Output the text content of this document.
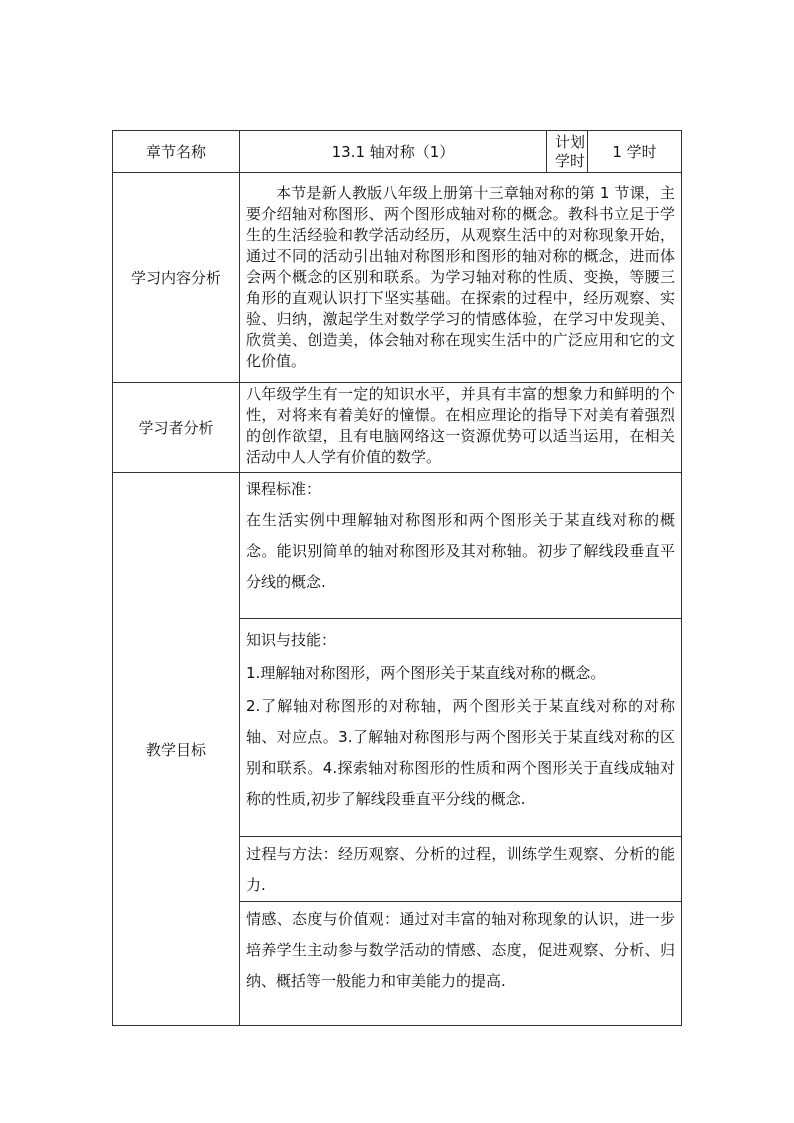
章节名称	13.1 轴对称（1）	计划学时	1 学时
学习内容分析	本节是新人教版八年级上册第十三章轴对称的第 1 节课，主要介绍轴对称图形、两个图形成轴对称的概念。教科书立足于学生的生活经验和教学活动经历，从观察生活中的对称现象开始，通过不同的活动引出轴对称图形和图形的轴对称的概念，进而体会两个概念的区别和联系。为学习轴对称的性质、变换，等腰三角形的直观认识打下坚实基础。在探索的过程中，经历观察、实验、归纳，激起学生对数学学习的情感体验，在学习中发现美、欣赏美、创造美，体会轴对称在现实生活中的广泛应用和它的文化价值。		

学习者分析	八年级学生有一定的知识水平，并具有丰富的想象力和鲜明的个性，对将来有着美好的憧憬。在相应理论的指导下对美有着强烈的创作欲望，且有电脑网络这一资源优势可以适当运用，在相关活动中人人学有价值的数学。		

教学目标	课程标准：
在生活实例中理解轴对称图形和两个图形关于某直线对称的概念。能识别简单的轴对称图形及其对称轴。初步了解线段垂直平分线的概念.		

	知识与技能：
1.理解轴对称图形，两个图形关于某直线对称的概念。
2.了解轴对称图形的对称轴，两个图形关于某直线对称的对称轴、对应点。3.了解轴对称图形与两个图形关于某直线对称的区别和联系。4.探索轴对称图形的性质和两个图形关于直线成轴对称的性质,初步了解线段垂直平分线的概念.		

	过程与方法：经历观察、分析的过程，训练学生观察、分析的能力.		

	情感、态度与价值观：通过对丰富的轴对称现象的认识，进一步培养学生主动参与数学活动的情感、态度，促进观察、分析、归纳、概括等一般能力和审美能力的提高.		
